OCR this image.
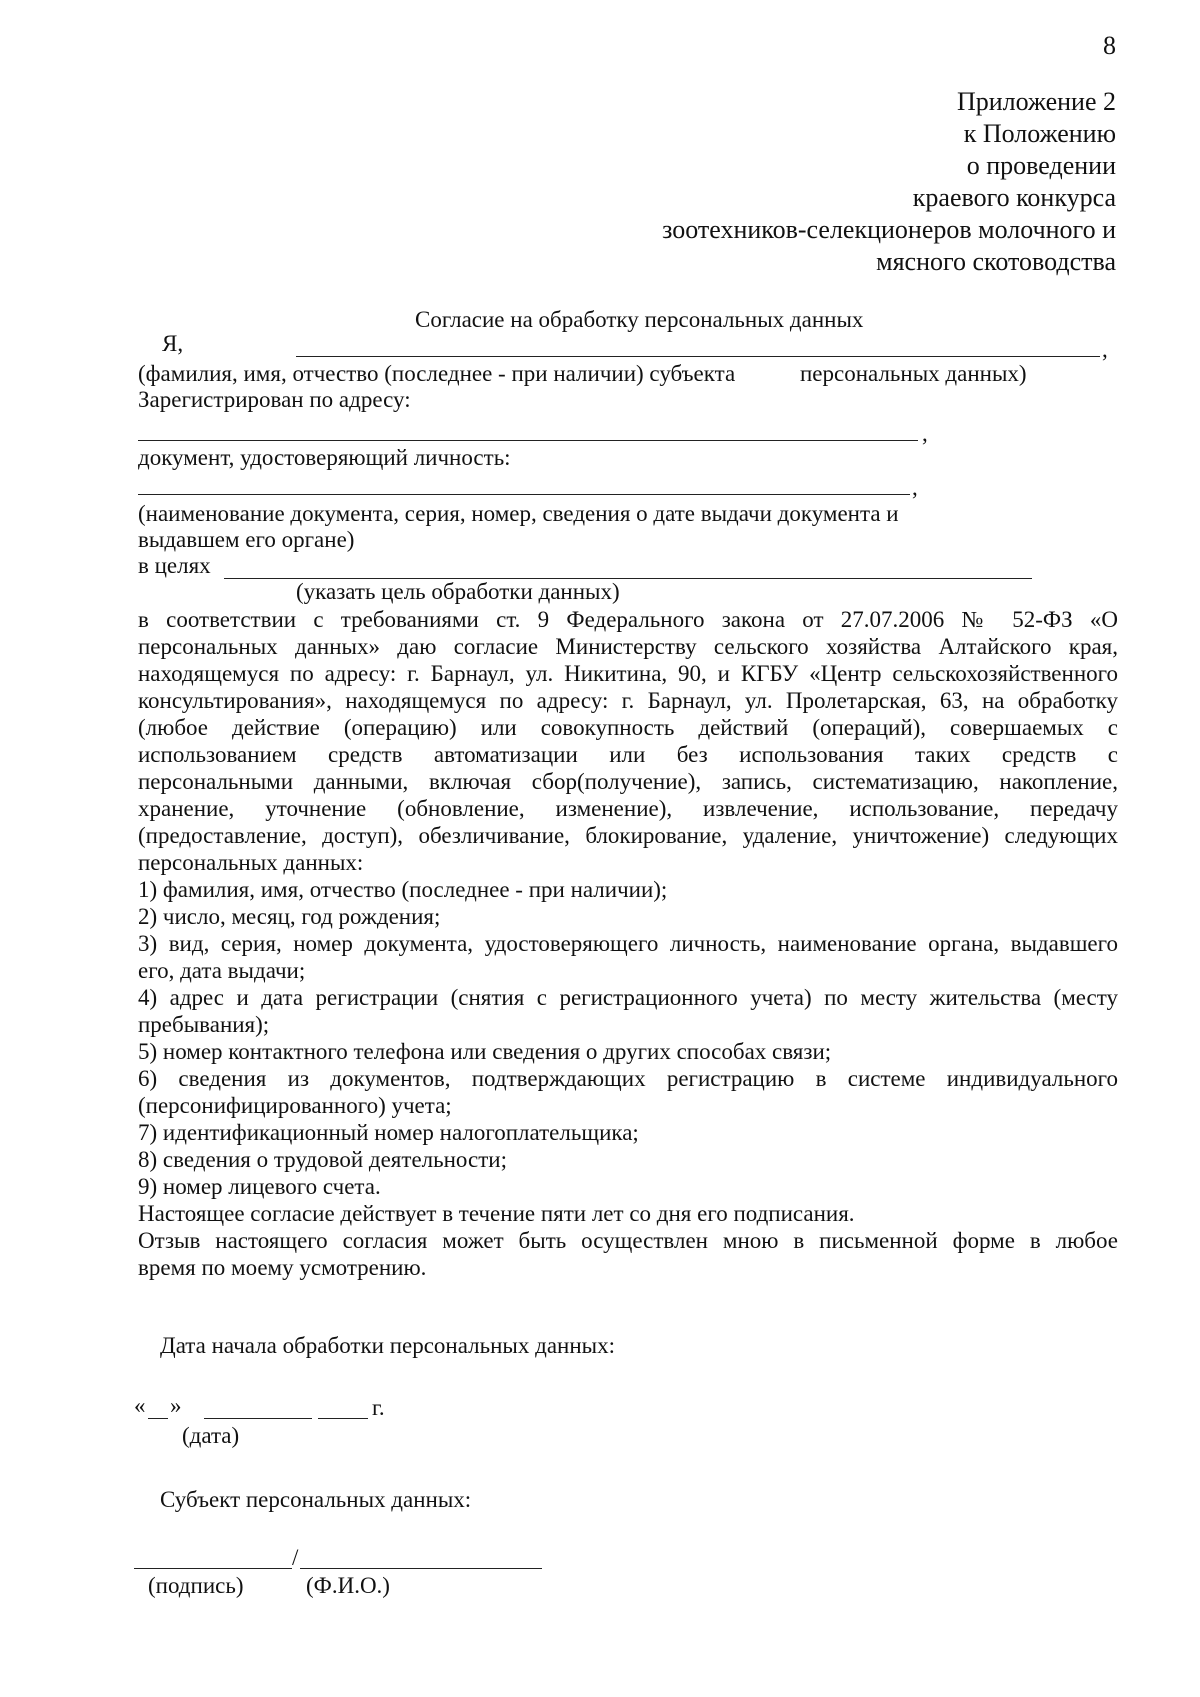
8
Приложение 2
к Положению
о проведении
краевого конкурса
зоотехников-селекционеров молочного и
мясного скотоводства
Согласие на обработку персональных данных
Я,	,
(фамилия, имя, отчество (последнее - при наличии) субъекта	персональных данных)
Зарегистрирован по адресу:
,
документ, удостоверяющий личность:
,
(наименование документа, серия, номер, сведения о дате выдачи документа и
выдавшем его органе)
в целях
(указать цель обработки данных)
в соответствии с требованиями ст. 9 Федерального закона от 27.07.2006 № 52-ФЗ «О
персональных данных» даю согласие Министерству сельского хозяйства Алтайского края,
находящемуся по адресу: г. Барнаул, ул. Никитина, 90, и КГБУ «Центр сельскохозяйственного
консультирования», находящемуся по адресу: г. Барнаул, ул. Пролетарская, 63, на обработку
(любое действие (операцию) или совокупность действий (операций), совершаемых с
использованием средств автоматизации или без использования таких средств с
персональными данными, включая сбор(получение), запись, систематизацию, накопление,
хранение, уточнение (обновление, изменение), извлечение, использование, передачу
(предоставление, доступ), обезличивание, блокирование, удаление, уничтожение) следующих
персональных данных:
1) фамилия, имя, отчество (последнее - при наличии);
2) число, месяц, год рождения;
3) вид, серия, номер документа, удостоверяющего личность, наименование органа, выдавшего
его, дата выдачи;
4) адрес и дата регистрации (снятия с регистрационного учета) по месту жительства (месту
пребывания);
5) номер контактного телефона или сведения о других способах связи;
6) сведения из документов, подтверждающих регистрацию в системе индивидуального
(персонифицированного) учета;
7) идентификационный номер налогоплательщика;
8) сведения о трудовой деятельности;
9) номер лицевого счета.
Настоящее согласие действует в течение пяти лет со дня его подписания.
Отзыв настоящего согласия может быть осуществлен мною в письменной форме в любое
время по моему усмотрению.
Дата начала обработки персональных данных:
« »	г.
(дата)
Субъект персональных данных:
/
(подпись)	(Ф.И.О.)
